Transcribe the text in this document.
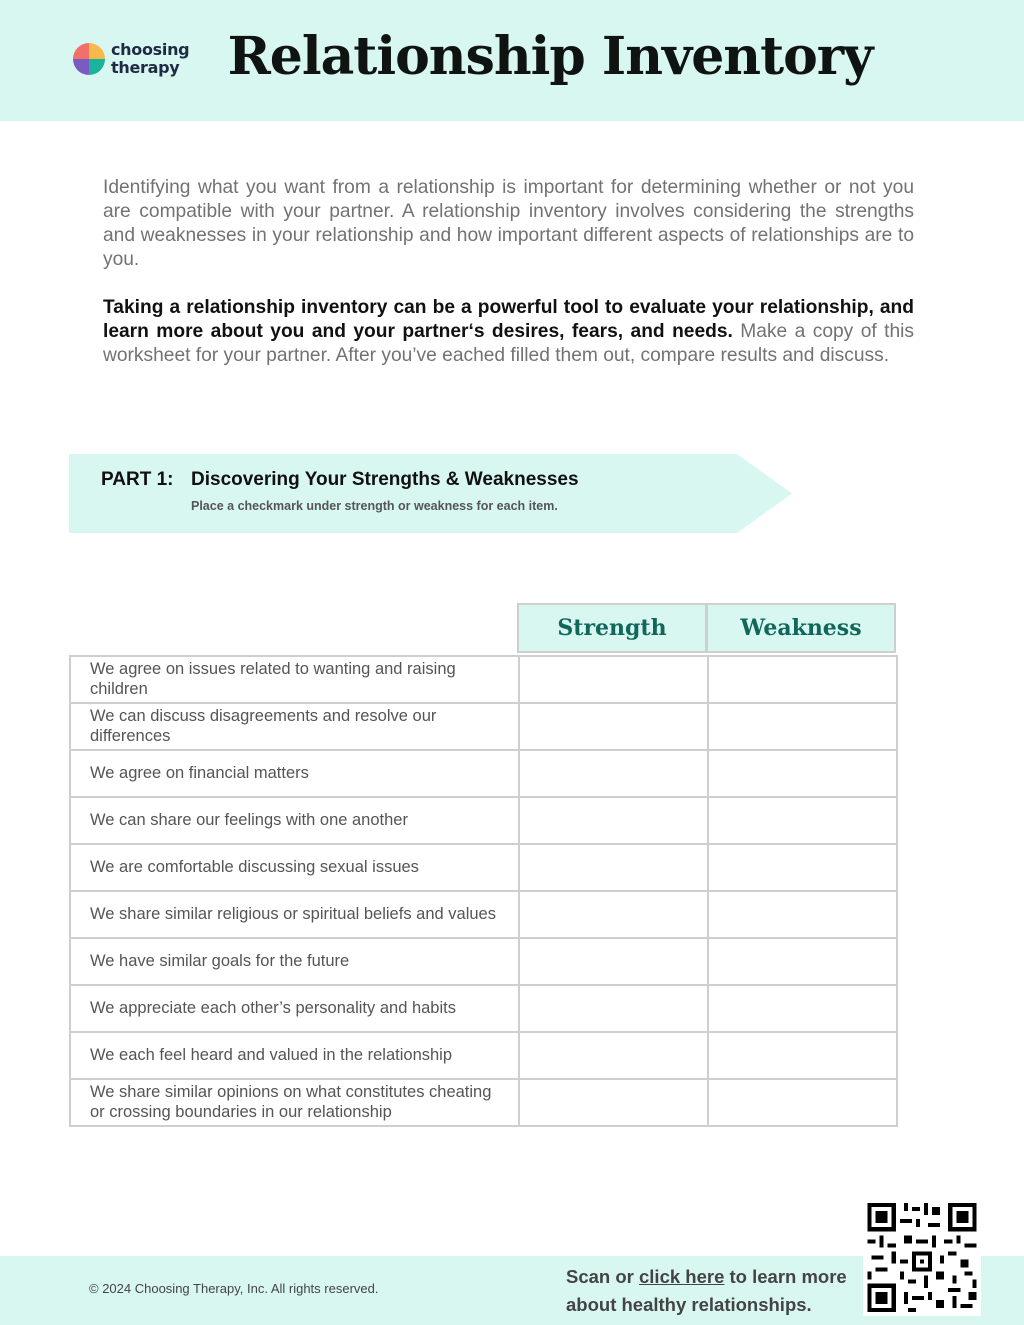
choosing
therapy Relationship Inventory

Identifying what you want from a relationship is important for determining whether or not you are compatible with your partner. A relationship inventory involves considering the strengths and weaknesses in your relationship and how important different aspects of relationships are to you.

Taking a relationship inventory can be a powerful tool to evaluate your relationship, and learn more about you and your partner‘s desires, fears, and needs. Make a copy of this worksheet for your partner. After you’ve eached filled them out, compare results and discuss.

PART 1: Discovering Your Strengths & Weaknesses
Place a checkmark under strength or weakness for each item.
Strength	Weakness
We agree on issues related to wanting and raising children		
We can discuss disagreements and resolve our differences		
We agree on financial matters		
We can share our feelings with one another		
We are comfortable discussing sexual issues		
We share similar religious or spiritual beliefs and values		
We have similar goals for the future		
We appreciate each other’s personality and habits		
We each feel heard and valued in the relationship		
We share similar opinions on what constitutes cheating or crossing boundaries in our relationship		
© 2024 Choosing Therapy, Inc. All rights reserved.
Scan or click here to learn more
about healthy relationships.
